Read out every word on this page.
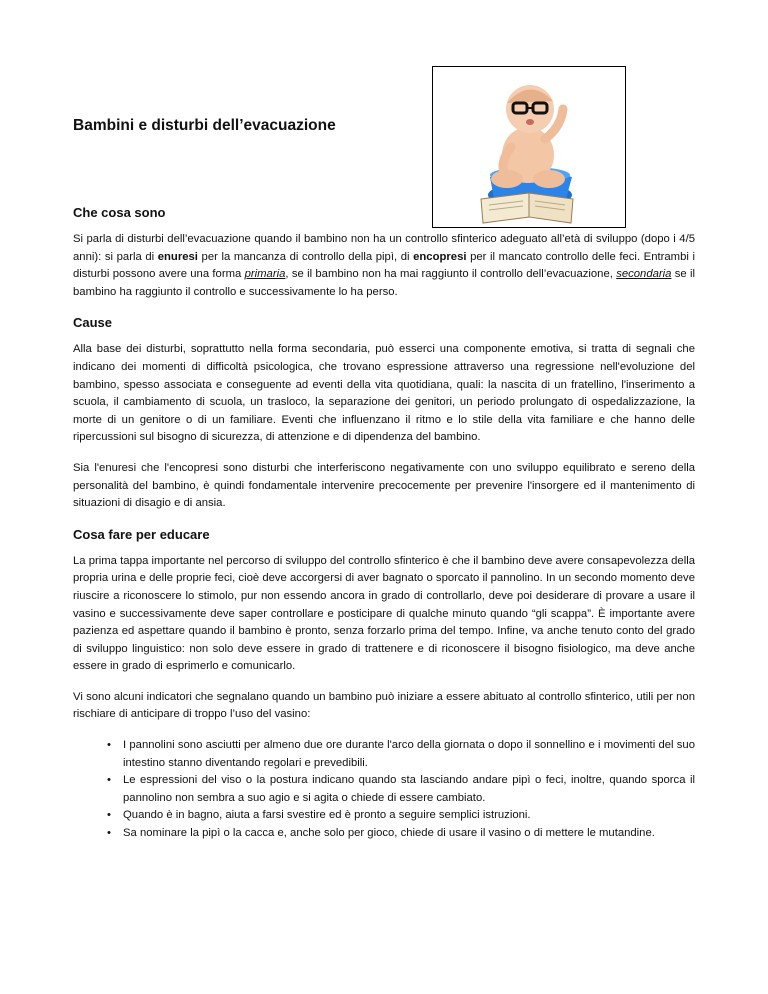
Bambini e disturbi dell’evacuazione
Che cosa sono

Si parla di disturbi dell’evacuazione quando il bambino non ha un controllo sfinterico adeguato all’età di sviluppo (dopo i 4/5 anni): si parla di enuresi per la mancanza di controllo della pipì, di encopresi per il mancato controllo delle feci. Entrambi i disturbi possono avere una forma primaria, se il bambino non ha mai raggiunto il controllo dell’evacuazione, secondaria se il bambino ha raggiunto il controllo e successivamente lo ha perso.

Cause

Alla base dei disturbi, soprattutto nella forma secondaria, può esserci una componente emotiva, si tratta di segnali che indicano dei momenti di difficoltà psicologica, che trovano espressione attraverso una regressione nell'evoluzione del bambino, spesso associata e conseguente ad eventi della vita quotidiana, quali: la nascita di un fratellino, l'inserimento a scuola, il cambiamento di scuola, un trasloco, la separazione dei genitori, un periodo prolungato di ospedalizzazione, la morte di un genitore o di un familiare. Eventi che influenzano il ritmo e lo stile della vita familiare e che hanno delle ripercussioni sul bisogno di sicurezza, di attenzione e di dipendenza del bambino.

Sia l'enuresi che l'encopresi sono disturbi che interferiscono negativamente con uno sviluppo equilibrato e sereno della personalità del bambino, è quindi fondamentale intervenire precocemente per prevenire l'insorgere ed il mantenimento di situazioni di disagio e di ansia.

Cosa fare per educare

La prima tappa importante nel percorso di sviluppo del controllo sfinterico è che il bambino deve avere consapevolezza della propria urina e delle proprie feci, cioè deve accorgersi di aver bagnato o sporcato il pannolino. In un secondo momento deve riuscire a riconoscere lo stimolo, pur non essendo ancora in grado di controllarlo, deve poi desiderare di provare a usare il vasino e successivamente deve saper controllare e posticipare di qualche minuto quando “gli scappa”. È importante avere pazienza ed aspettare quando il bambino è pronto, senza forzarlo prima del tempo. Infine, va anche tenuto conto del grado di sviluppo linguistico: non solo deve essere in grado di trattenere e di riconoscere il bisogno fisiologico, ma deve anche essere in grado di esprimerlo e comunicarlo.

Vi sono alcuni indicatori che segnalano quando un bambino può iniziare a essere abituato al controllo sfinterico, utili per non rischiare di anticipare di troppo l’uso del vasino:

• I pannolini sono asciutti per almeno due ore durante l'arco della giornata o dopo il sonnellino e i movimenti del suo intestino stanno diventando regolari e prevedibili.
• Le espressioni del viso o la postura indicano quando sta lasciando andare pipì o feci, inoltre, quando sporca il pannolino non sembra a suo agio e si agita o chiede di essere cambiato.
• Quando è in bagno, aiuta a farsi svestire ed è pronto a seguire semplici istruzioni.
• Sa nominare la pipì o la cacca e, anche solo per gioco, chiede di usare il vasino o di mettere le mutandine.
